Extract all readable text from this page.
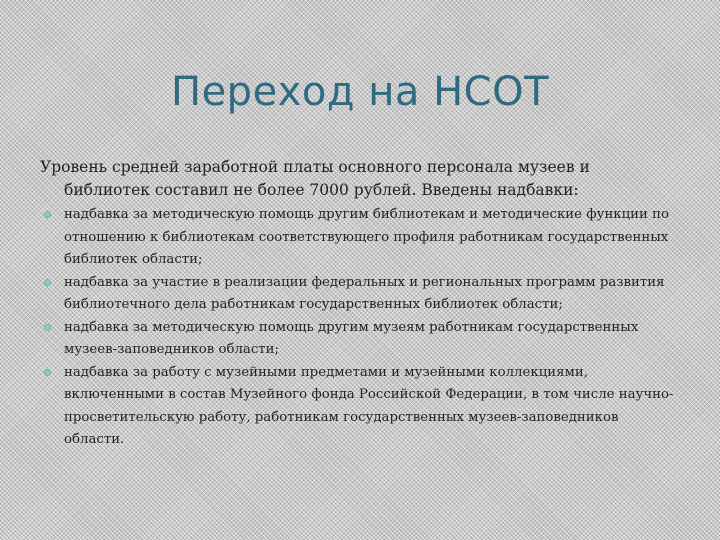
Переход на НСОТ

Уровень средней заработной платы основного персонала музеев и библиотек составил не более 7000 рублей. Введены надбавки:

надбавка за методическую помощь другим библиотекам и методические функции по отношению к библиотекам соответствующего профиля работникам государственных библиотек области;
надбавка за участие в реализации федеральных и региональных программ развития библиотечного дела работникам государственных библиотек области;
надбавка за методическую помощь другим музеям работникам государственных музеев-заповедников области;
надбавка за работу с музейными предметами и музейными коллекциями, включенными в состав Музейного фонда Российской Федерации, в том числе научно-просветительскую работу, работникам государственных музеев-заповедников области.
